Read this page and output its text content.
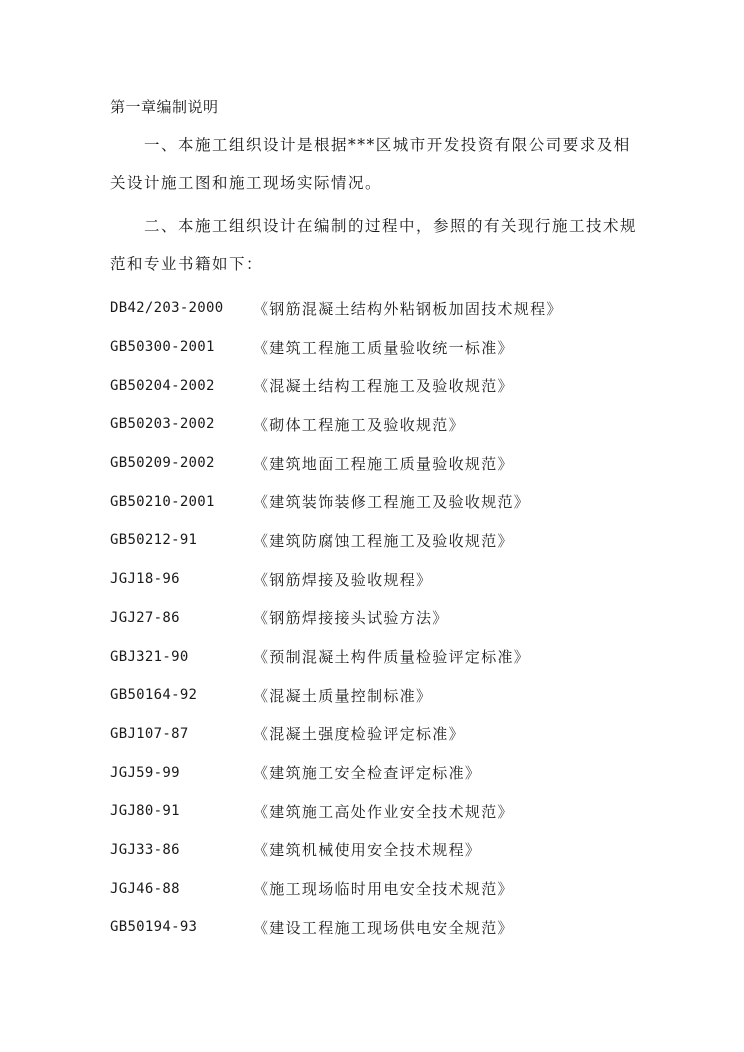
第一章编制说明
一、本施工组织设计是根据***区城市开发投资有限公司要求及相关设计施工图和施工现场实际情况。
二、本施工组织设计在编制的过程中，参照的有关现行施工技术规范和专业书籍如下：
DB42/203-2000	《钢筋混凝土结构外粘钢板加固技术规程》
GB50300-2001	《建筑工程施工质量验收统一标准》
GB50204-2002	《混凝土结构工程施工及验收规范》
GB50203-2002	《砌体工程施工及验收规范》
GB50209-2002	《建筑地面工程施工质量验收规范》
GB50210-2001	《建筑装饰装修工程施工及验收规范》
GB50212-91	《建筑防腐蚀工程施工及验收规范》
JGJ18-96	《钢筋焊接及验收规程》
JGJ27-86	《钢筋焊接接头试验方法》
GBJ321-90	《预制混凝土构件质量检验评定标准》
GB50164-92	《混凝土质量控制标准》
GBJ107-87	《混凝土强度检验评定标准》
JGJ59-99	《建筑施工安全检查评定标准》
JGJ80-91	《建筑施工高处作业安全技术规范》
JGJ33-86	《建筑机械使用安全技术规程》
JGJ46-88	《施工现场临时用电安全技术规范》
GB50194-93	《建设工程施工现场供电安全规范》
